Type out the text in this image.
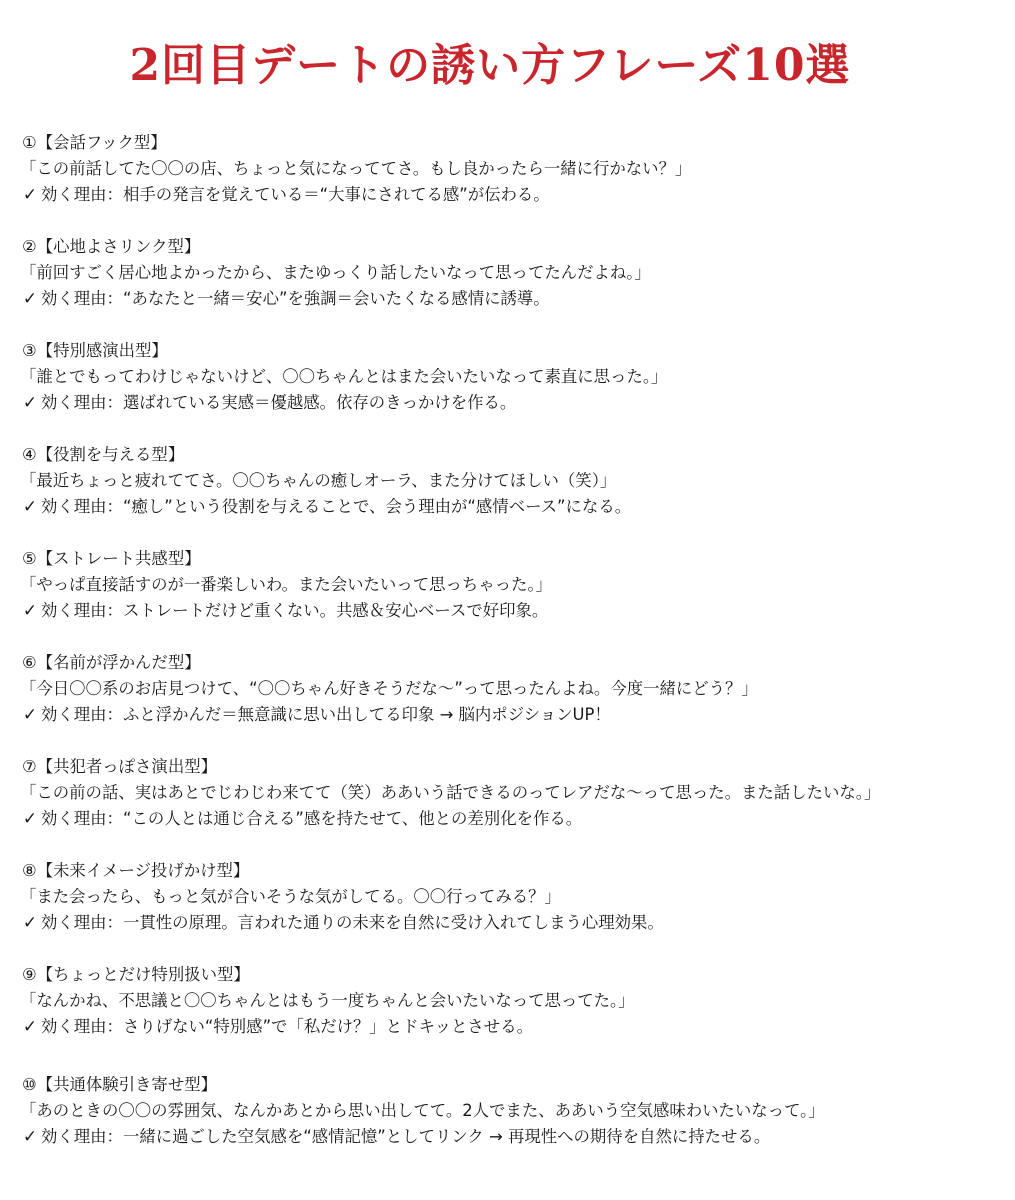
2回目デートの誘い方フレーズ10選
①【会話フック型】
「この前話してた〇〇の店、ちょっと気になっててさ。もし良かったら一緒に行かない？」
✓ 効く理由： 相手の発言を覚えている＝“大事にされてる感”が伝わる。
②【心地よさリンク型】
「前回すごく居心地よかったから、またゆっくり話したいなって思ってたんだよね。」
✓ 効く理由： “あなたと一緒＝安心”を強調＝会いたくなる感情に誘導。
③【特別感演出型】
「誰とでもってわけじゃないけど、〇〇ちゃんとはまた会いたいなって素直に思った。」
✓ 効く理由： 選ばれている実感＝優越感。依存のきっかけを作る。
④【役割を与える型】
「最近ちょっと疲れててさ。〇〇ちゃんの癒しオーラ、また分けてほしい（笑）」
✓ 効く理由： “癒し”という役割を与えることで、会う理由が“感情ベース”になる。
⑤【ストレート共感型】
「やっぱ直接話すのが一番楽しいわ。また会いたいって思っちゃった。」
✓ 効く理由： ストレートだけど重くない。共感＆安心ベースで好印象。
⑥【名前が浮かんだ型】
「今日〇〇系のお店見つけて、“〇〇ちゃん好きそうだな〜”って思ったんよね。今度一緒にどう？」
✓ 効く理由： ふと浮かんだ＝無意識に思い出してる印象 → 脳内ポジションUP！
⑦【共犯者っぽさ演出型】
「この前の話、実はあとでじわじわ来てて（笑）ああいう話できるのってレアだな〜って思った。また話したいな。」
✓ 効く理由： “この人とは通じ合える”感を持たせて、他との差別化を作る。
⑧【未来イメージ投げかけ型】
「また会ったら、もっと気が合いそうな気がしてる。〇〇行ってみる？」
✓ 効く理由： 一貫性の原理。言われた通りの未来を自然に受け入れてしまう心理効果。
⑨【ちょっとだけ特別扱い型】
「なんかね、不思議と〇〇ちゃんとはもう一度ちゃんと会いたいなって思ってた。」
✓ 効く理由： さりげない“特別感”で「私だけ？」とドキッとさせる。
⑩【共通体験引き寄せ型】
「あのときの〇〇の雰囲気、なんかあとから思い出してて。2人でまた、ああいう空気感味わいたいなって。」
✓ 効く理由： 一緒に過ごした空気感を“感情記憶”としてリンク → 再現性への期待を自然に持たせる。
